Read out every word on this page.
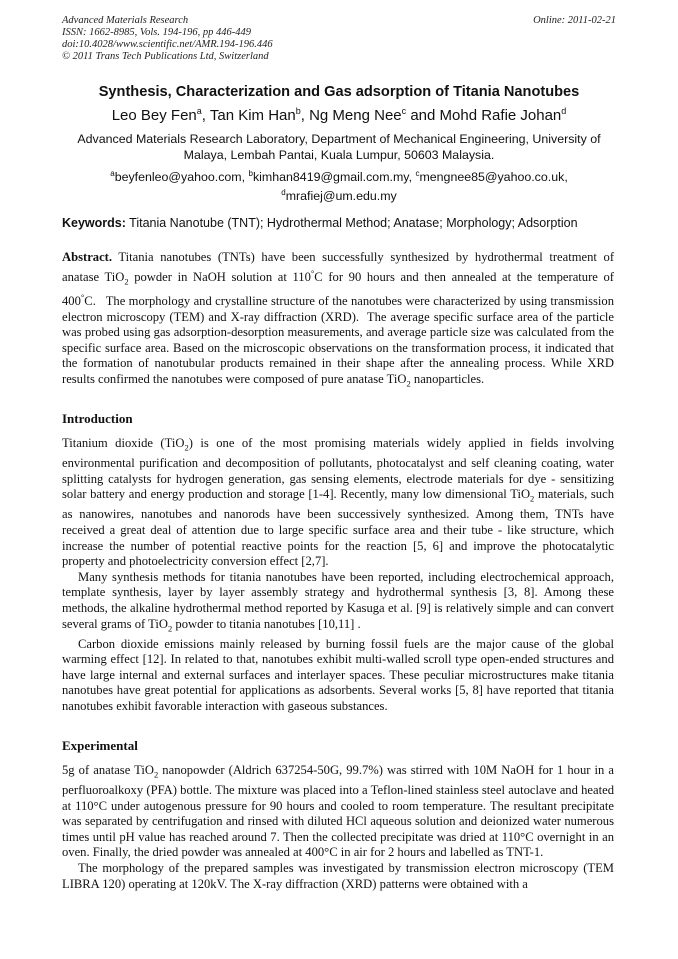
Advanced Materials Research
ISSN: 1662-8985, Vols. 194-196, pp 446-449
doi:10.4028/www.scientific.net/AMR.194-196.446
© 2011 Trans Tech Publications Ltd, Switzerland
Online: 2011-02-21
Synthesis, Characterization and Gas adsorption of Titania Nanotubes
Leo Bey Fen$^a$, Tan Kim Han$^b$, Ng Meng Nee$^c$ and Mohd Rafie Johan$^d$
Advanced Materials Research Laboratory, Department of Mechanical Engineering, University of Malaya, Lembah Pantai, Kuala Lumpur, 50603 Malaysia.
$^a$beyfenleo@yahoo.com, $^b$kimhan8419@gmail.com.my, $^c$mengnee85@yahoo.co.uk,
$^d$mrafiej@um.edu.my
Keywords: Titania Nanotube (TNT); Hydrothermal Method; Anatase; Morphology; Adsorption

Abstract. Titania nanotubes (TNTs) have been successfully synthesized by hydrothermal treatment of anatase TiO$_2$ powder in NaOH solution at 110°C for 90 hours and then annealed at the temperature of 400°C.   The morphology and crystalline structure of the nanotubes were characterized by using transmission electron microscopy (TEM) and X-ray diffraction (XRD).  The average specific surface area of the particle was probed using gas adsorption-desorption measurements, and average particle size was calculated from the specific surface area. Based on the microscopic observations on the transformation process, it indicated that the formation of nanotubular products remained in their shape after the annealing process. While XRD results confirmed the nanotubes were composed of pure anatase TiO$_2$ nanoparticles.

Introduction

Titanium dioxide (TiO$_2$) is one of the most promising materials widely applied in fields involving environmental purification and decomposition of pollutants, photocatalyst and self cleaning coating, water splitting catalysts for hydrogen generation, gas sensing elements, electrode materials for dye - sensitizing solar battery and energy production and storage [1-4]. Recently, many low dimensional TiO$_2$ materials, such as nanowires, nanotubes and nanorods have been successively synthesized. Among them, TNTs have received a great deal of attention due to large specific surface area and their tube - like structure, which increase the number of potential reactive points for the reaction [5, 6] and improve the photocatalytic property and photoelectricity conversion effect [2,7].

Many synthesis methods for titania nanotubes have been reported, including electrochemical approach, template synthesis, layer by layer assembly strategy and hydrothermal synthesis [3, 8]. Among these methods, the alkaline hydrothermal method reported by Kasuga et al. [9] is relatively simple and can convert several grams of TiO$_2$ powder to titania nanotubes [10,11] .

Carbon dioxide emissions mainly released by burning fossil fuels are the major cause of the global warming effect [12]. In related to that, nanotubes exhibit multi-walled scroll type open-ended structures and have large internal and external surfaces and interlayer spaces. These peculiar microstructures make titania nanotubes have great potential for applications as adsorbents. Several works [5, 8] have reported that titania nanotubes exhibit favorable interaction with gaseous substances.

Experimental

5g of anatase TiO$_2$ nanopowder (Aldrich 637254-50G, 99.7%) was stirred with 10M NaOH for 1 hour in a perfluoroalkoxy (PFA) bottle. The mixture was placed into a Teflon-lined stainless steel autoclave and heated at 110°C under autogenous pressure for 90 hours and cooled to room temperature. The resultant precipitate was separated by centrifugation and rinsed with diluted HCl aqueous solution and deionized water numerous times until pH value has reached around 7. Then the collected precipitate was dried at 110°C overnight in an oven. Finally, the dried powder was annealed at 400°C in air for 2 hours and labelled as TNT-1.

The morphology of the prepared samples was investigated by transmission electron microscopy (TEM LIBRA 120) operating at 120kV. The X-ray diffraction (XRD) patterns were obtained with a
